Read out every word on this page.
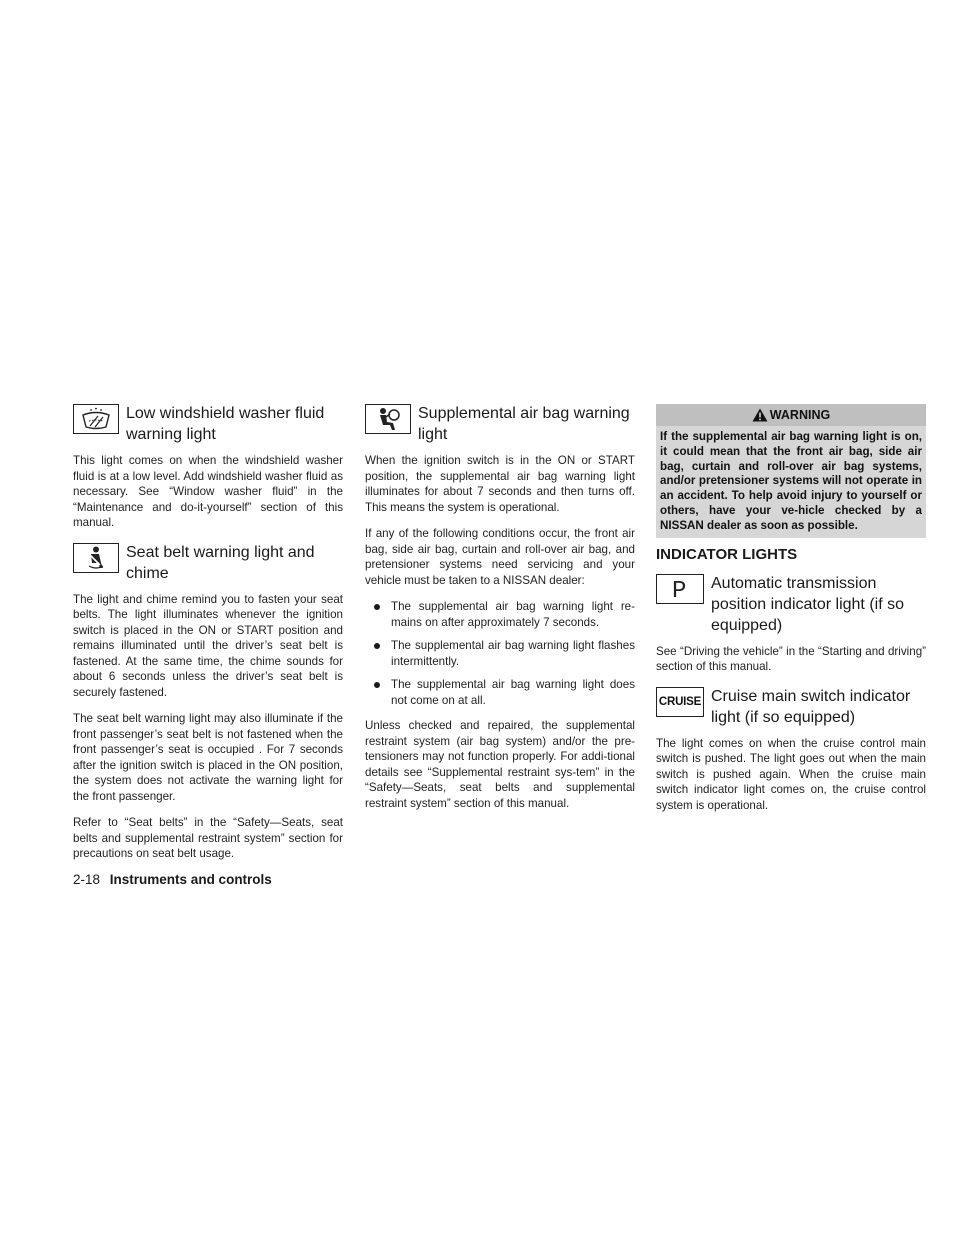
Low windshield washer fluid warning light

This light comes on when the windshield washer fluid is at a low level. Add windshield washer fluid as necessary. See “Window washer fluid” in the “Maintenance and do-it-yourself” section of this manual.

Seat belt warning light and chime

The light and chime remind you to fasten your seat belts. The light illuminates whenever the ignition switch is placed in the ON or START position and remains illuminated until the driver’s seat belt is fastened. At the same time, the chime sounds for about 6 seconds unless the driver’s seat belt is securely fastened.

The seat belt warning light may also illuminate if the front passenger’s seat belt is not fastened when the front passenger’s seat is occupied . For 7 seconds after the ignition switch is placed in the ON position, the system does not activate the warning light for the front passenger.

Refer to “Seat belts” in the “Safety—Seats, seat belts and supplemental restraint system” section for precautions on seat belt usage.

Supplemental air bag warning light

When the ignition switch is in the ON or START position, the supplemental air bag warning light illuminates for about 7 seconds and then turns off. This means the system is operational.

If any of the following conditions occur, the front air bag, side air bag, curtain and roll-over air bag, and pretensioner systems need servicing and your vehicle must be taken to a NISSAN dealer:

The supplemental air bag warning light re-mains on after approximately 7 seconds.
The supplemental air bag warning light flashes intermittently.
The supplemental air bag warning light does not come on at all.

Unless checked and repaired, the supplemental restraint system (air bag system) and/or the pre-tensioners may not function properly. For addi-tional details see “Supplemental restraint sys-tem” in the “Safety—Seats, seat belts and supplemental restraint system” section of this manual.

WARNING
If the supplemental air bag warning light is on, it could mean that the front air bag, side air bag, curtain and roll-over air bag systems, and/or pretensioner systems will not operate in an accident. To help avoid injury to yourself or others, have your ve-hicle checked by a NISSAN dealer as soon as possible.
INDICATOR LIGHTS
P Automatic transmission position indicator light (if so equipped)

See “Driving the vehicle” in the “Starting and driving” section of this manual.

CRUISE Cruise main switch indicator light (if so equipped)

The light comes on when the cruise control main switch is pushed. The light goes out when the main switch is pushed again. When the cruise main switch indicator light comes on, the cruise control system is operational.

2-18 Instruments and controls
